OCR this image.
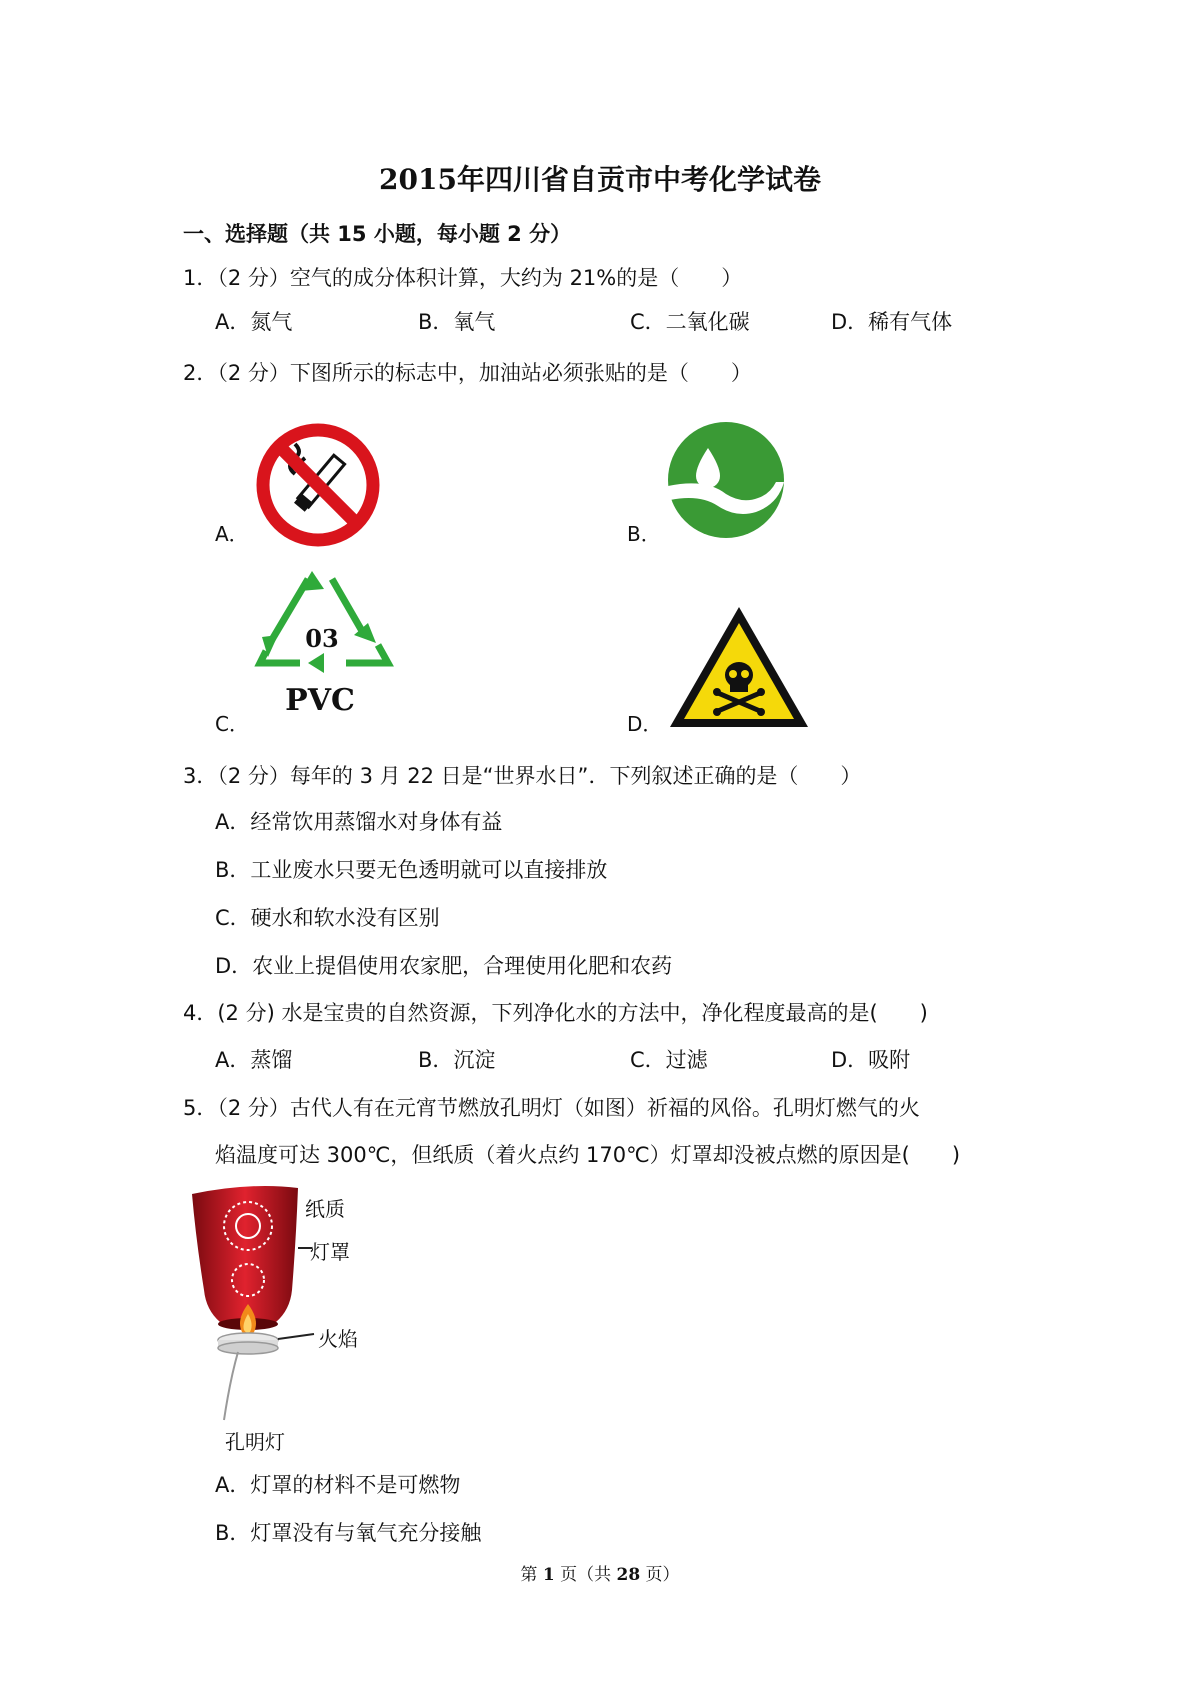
2015年四川省自贡市中考化学试卷
一、选择题（共 15 小题，每小题 2 分）
1．（2 分）空气的成分体积计算，大约为 21%的是（　　）
A．氮气	B．氧气	C．二氧化碳	D．稀有气体
2．（2 分）下图所示的标志中，加油站必须张贴的是（　　）
A．	B．
C．
03
PVC
D．
3．（2 分）每年的 3 月 22 日是“世界水日”．下列叙述正确的是（　　）
A．经常饮用蒸馏水对身体有益
B．工业废水只要无色透明就可以直接排放
C．硬水和软水没有区别
D．农业上提倡使用农家肥，合理使用化肥和农药
4．(2 分) 水是宝贵的自然资源，下列净化水的方法中，净化程度最高的是(　　)
A．蒸馏	B．沉淀	C．过滤	D．吸附
5．（2 分）古代人有在元宵节燃放孔明灯（如图）祈福的风俗。孔明灯燃气的火
焰温度可达 300℃，但纸质（着火点约 170℃）灯罩却没被点燃的原因是(　　)
纸质
灯罩
火焰
孔明灯
A．灯罩的材料不是可燃物
B．灯罩没有与氧气充分接触
第 1 页（共 28 页）
